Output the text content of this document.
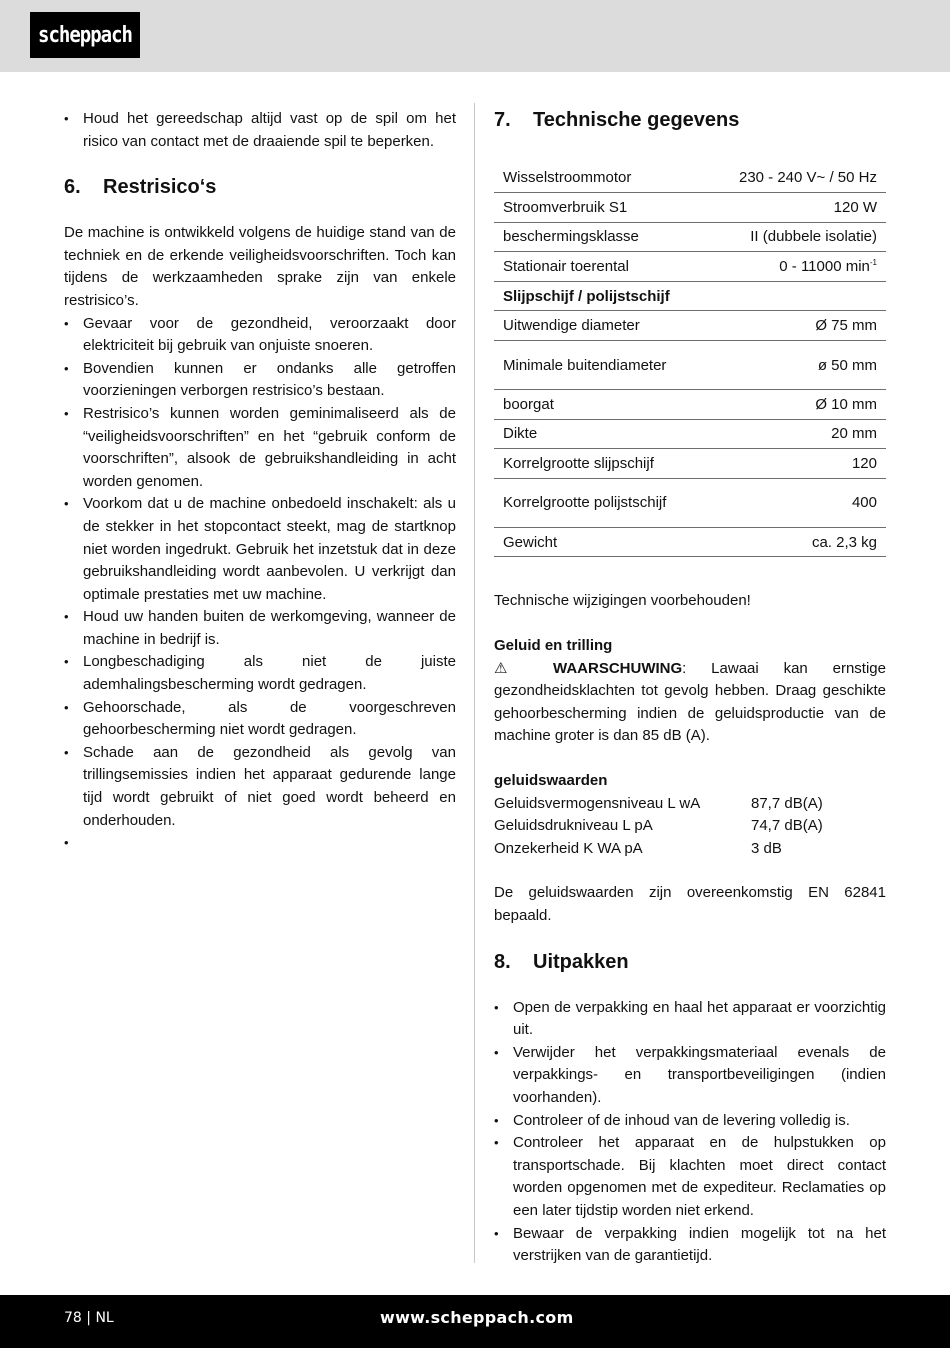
scheppach
• Houd het gereedschap altijd vast op de spil om het risico van contact met de draaiende spil te beperken.
6.	Restrisico‘s

De machine is ontwikkeld volgens de huidige stand van de techniek en de erkende veiligheidsvoorschriften. Toch kan tijdens de werkzaamheden sprake zijn van enkele restrisico’s.

• Gevaar voor de gezondheid, veroorzaakt door elektriciteit bij gebruik van onjuiste snoeren.
• Bovendien kunnen er ondanks alle getroffen voorzieningen verborgen restrisico’s bestaan.
• Restrisico’s kunnen worden geminimaliseerd als de “veiligheidsvoorschriften” en het “gebruik conform de voorschriften”, alsook de gebruikshandleiding in acht worden genomen.
• Voorkom dat u de machine onbedoeld inschakelt: als u de stekker in het stopcontact steekt, mag de startknop niet worden ingedrukt. Gebruik het inzetstuk dat in deze gebruikshandleiding wordt aanbevolen. U verkrijgt dan optimale prestaties met uw machine.
• Houd uw handen buiten de werkomgeving, wanneer de machine in bedrijf is.
• Longbeschadiging als niet de juiste ademhalingsbescherming wordt gedragen.
• Gehoorschade, als de voorgeschreven gehoorbescherming niet wordt gedragen.
• Schade aan de gezondheid als gevolg van trillingsemissies indien het apparaat gedurende lange tijd wordt gebruikt of niet goed wordt beheerd en onderhouden.
•
7.	Technische gegevens
Wisselstroommotor	230 - 240 V~ / 50 Hz
Stroomverbruik S1	120 W
beschermingsklasse	II (dubbele isolatie)
Stationair toerental	0 - 11000 $\min^{-1}$
Slijpschijf / polijstschijf	
Uitwendige diameter	Ø 75 mm
Minimale buitendiameter	ø 50 mm
boorgat	Ø 10 mm
Dikte	20 mm
Korrelgrootte slijpschijf	120
Korrelgrootte polijstschijf	400
Gewicht	ca. 2,3 kg

Technische wijzigingen voorbehouden!

Geluid en trilling

⚠ WAARSCHUWING: Lawaai kan ernstige gezondheidsklachten tot gevolg hebben. Draag geschikte gehoorbescherming indien de geluidsproductie van de machine groter is dan 85 dB (A).

geluidswaarden

Geluidsvermogensniveau L wA	87,7 dB(A)
Geluidsdrukniveau L pA	74,7 dB(A)
Onzekerheid K WA pA	3 dB

De geluidswaarden zijn overeenkomstig EN 62841 bepaald.

8.	Uitpakken
• Open de verpakking en haal het apparaat er voorzichtig uit.
• Verwijder het verpakkingsmateriaal evenals de verpakkings- en transportbeveiligingen (indien voorhanden).
• Controleer of de inhoud van de levering volledig is.
• Controleer het apparaat en de hulpstukken op transportschade. Bij klachten moet direct contact worden opgenomen met de expediteur. Reclamaties op een later tijdstip worden niet erkend.
• Bewaar de verpakking indien mogelijk tot na het verstrijken van de garantietijd.
78 | NL	www.scheppach.com
